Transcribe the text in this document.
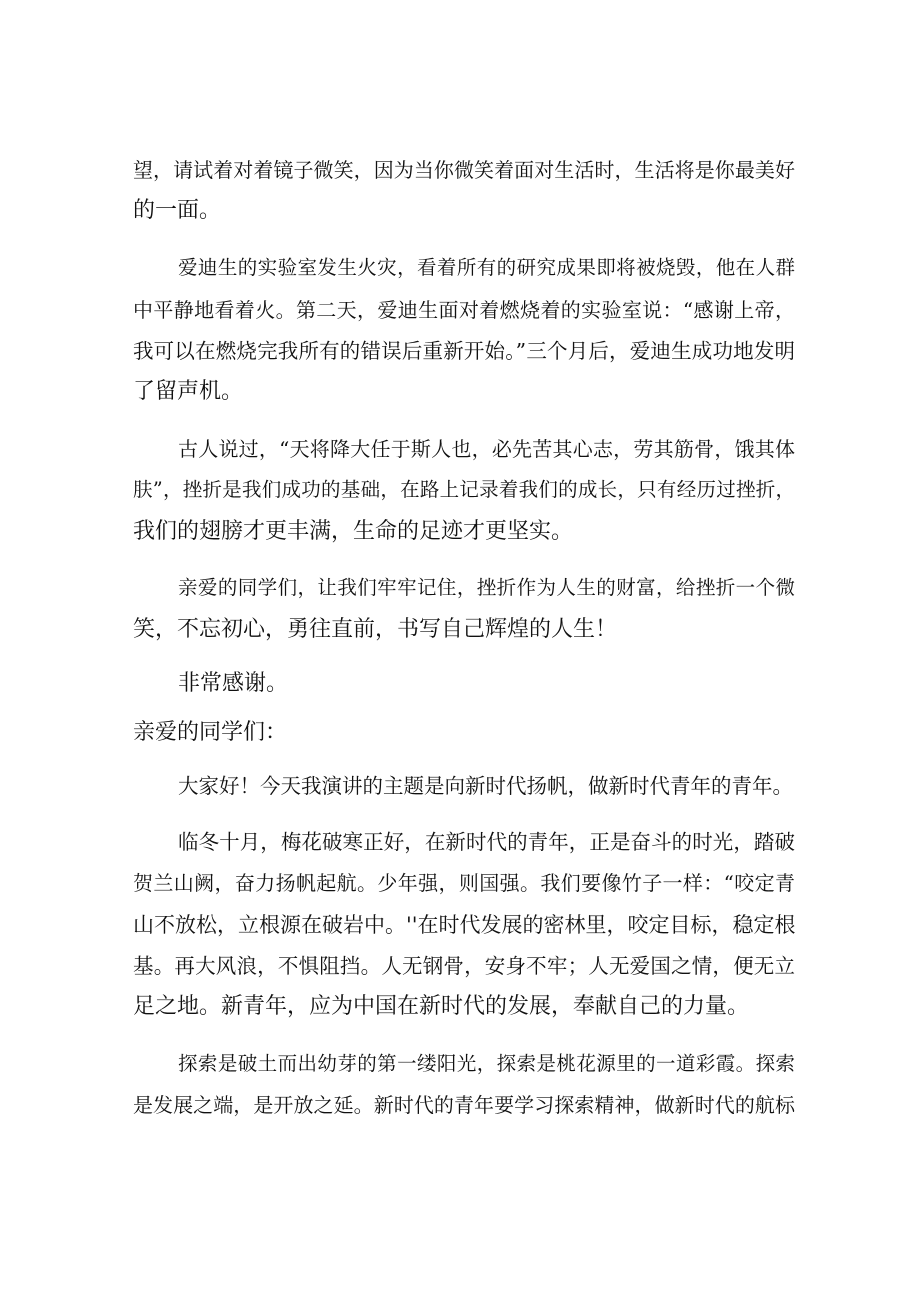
望，请试着对着镜子微笑，因为当你微笑着面对生活时，生活将是你最美好
的一面。
爱迪生的实验室发生火灾，看着所有的研究成果即将被烧毁，他在人群
中平静地看着火。第二天，爱迪生面对着燃烧着的实验室说：“感谢上帝，
我可以在燃烧完我所有的错误后重新开始。”三个月后，爱迪生成功地发明
了留声机。
古人说过，“天将降大任于斯人也，必先苦其心志，劳其筋骨，饿其体
肤”，挫折是我们成功的基础，在路上记录着我们的成长，只有经历过挫折，
我们的翅膀才更丰满，生命的足迹才更坚实。
亲爱的同学们，让我们牢牢记住，挫折作为人生的财富，给挫折一个微
笑，不忘初心，勇往直前，书写自己辉煌的人生！
非常感谢。
亲爱的同学们：
大家好！今天我演讲的主题是向新时代扬帆，做新时代青年的青年。
临冬十月，梅花破寒正好，在新时代的青年，正是奋斗的时光，踏破
贺兰山阙，奋力扬帆起航。少年强，则国强。我们要像竹子一样：“咬定青
山不放松，立根源在破岩中。''在时代发展的密林里，咬定目标，稳定根
基。再大风浪，不惧阻挡。人无钢骨，安身不牢；人无爱国之情，便无立
足之地。新青年，应为中国在新时代的发展，奉献自己的力量。
探索是破土而出幼芽的第一缕阳光，探索是桃花源里的一道彩霞。探索
是发展之端，是开放之延。新时代的青年要学习探索精神，做新时代的航标
